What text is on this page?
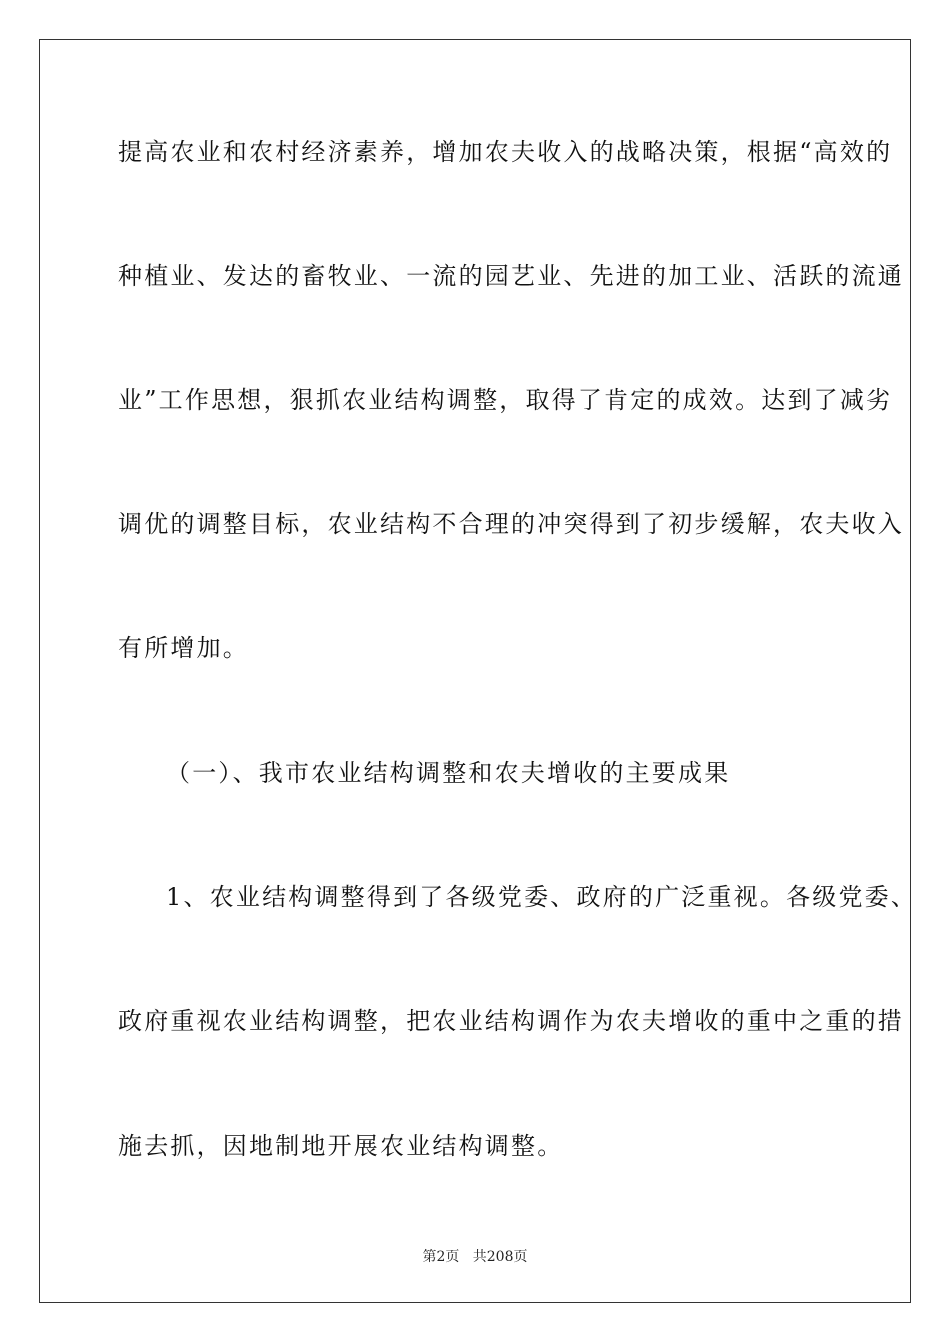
提高农业和农村经济素养，增加农夫收入的战略决策，根据“高效的
种植业、发达的畜牧业、一流的园艺业、先进的加工业、活跃的流通
业”工作思想，狠抓农业结构调整，取得了肯定的成效。达到了减劣
调优的调整目标，农业结构不合理的冲突得到了初步缓解，农夫收入
有所增加。
（一）、我市农业结构调整和农夫增收的主要成果
1、农业结构调整得到了各级党委、政府的广泛重视。各级党委、
政府重视农业结构调整，把农业结构调作为农夫增收的重中之重的措
施去抓，因地制地开展农业结构调整。
第2页 共208页
